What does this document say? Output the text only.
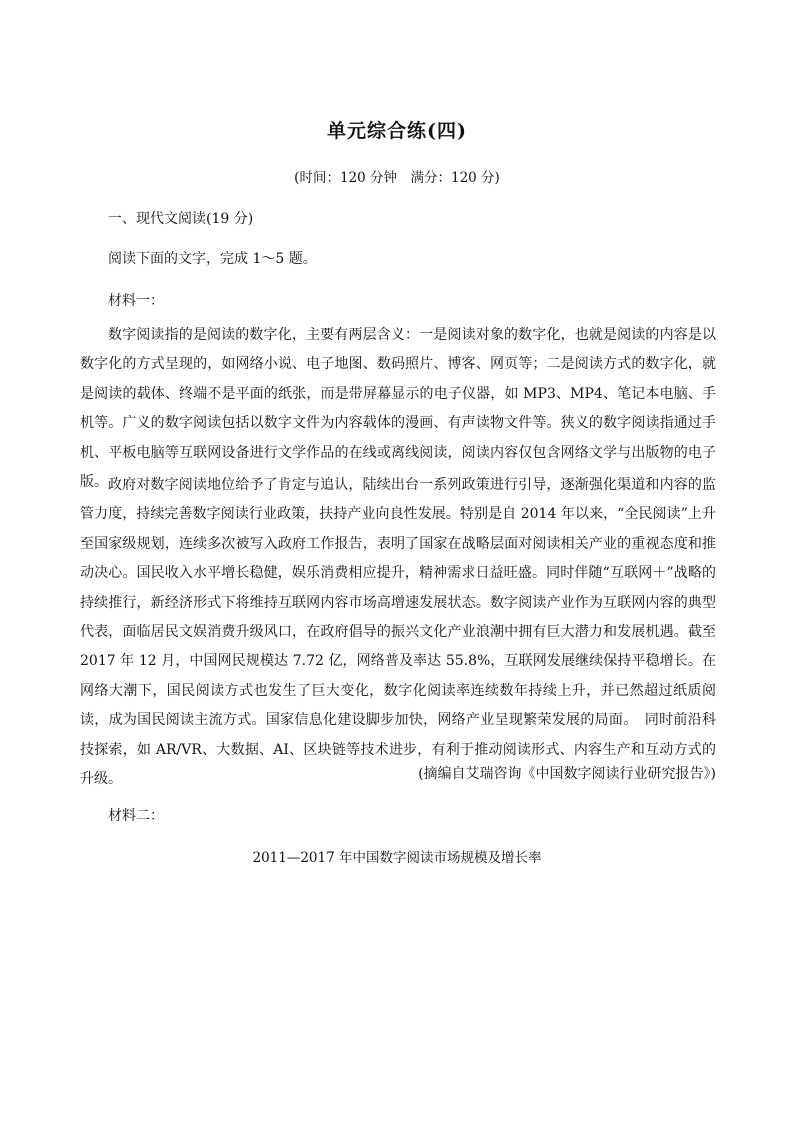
单元综合练(四)
(时间：120 分钟　满分：120 分)
一、现代文阅读(19 分)
阅读下面的文字，完成 1～5 题。
材料一：

数字阅读指的是阅读的数字化，主要有两层含义：一是阅读对象的数字化，也就是阅读的内容是以数字化的方式呈现的，如网络小说、电子地图、数码照片、博客、网页等；二是阅读方式的数字化，就是阅读的载体、终端不是平面的纸张，而是带屏幕显示的电子仪器，如 MP3、MP4、笔记本电脑、手机等。广义的数字阅读包括以数字文件为内容载体的漫画、有声读物文件等。狭义的数字阅读指通过手机、平板电脑等互联网设备进行文学作品的在线或离线阅读，阅读内容仅包含网络文学与出版物的电子版。 政府对数字阅读地位给予了肯定与追认，陆续出台一系列政策进行引导，逐渐强化渠道和内容的监管力度，持续完善数字阅读行业政策，扶持产业向良性发展。特别是自 2014 年以来，“全民阅读”上升至国家级规划，连续多次被写入政府工作报告，表明了国家在战略层面对阅读相关产业的重视态度和推动决心。国民收入水平增长稳健，娱乐消费相应提升，精神需求日益旺盛。同时伴随“互联网＋”战略的持续推行，新经济形式下将维持互联网内容市场高增速发展状态。数字阅读产业作为互联网内容的典型代表，面临居民文娱消费升级风口，在政府倡导的振兴文化产业浪潮中拥有巨大潜力和发展机遇。截至 2017 年 12 月，中国网民规模达 7.72 亿，网络普及率达 55.8%，互联网发展继续保持平稳增长。在网络大潮下，国民阅读方式也发生了巨大变化，数字化阅读率连续数年持续上升，并已然超过纸质阅读，成为国民阅读主流方式。国家信息化建设脚步加快，网络产业呈现繁荣发展的局面。　同时前沿科技探索，如 AR/VR、大数据、AI、区块链等技术进步，有利于推动阅读形式、内容生产和互动方式的升级。	(摘编自艾瑞咨询《中国数字阅读行业研究报告》)
材料二：
2011—2017 年中国数字阅读市场规模及增长率
